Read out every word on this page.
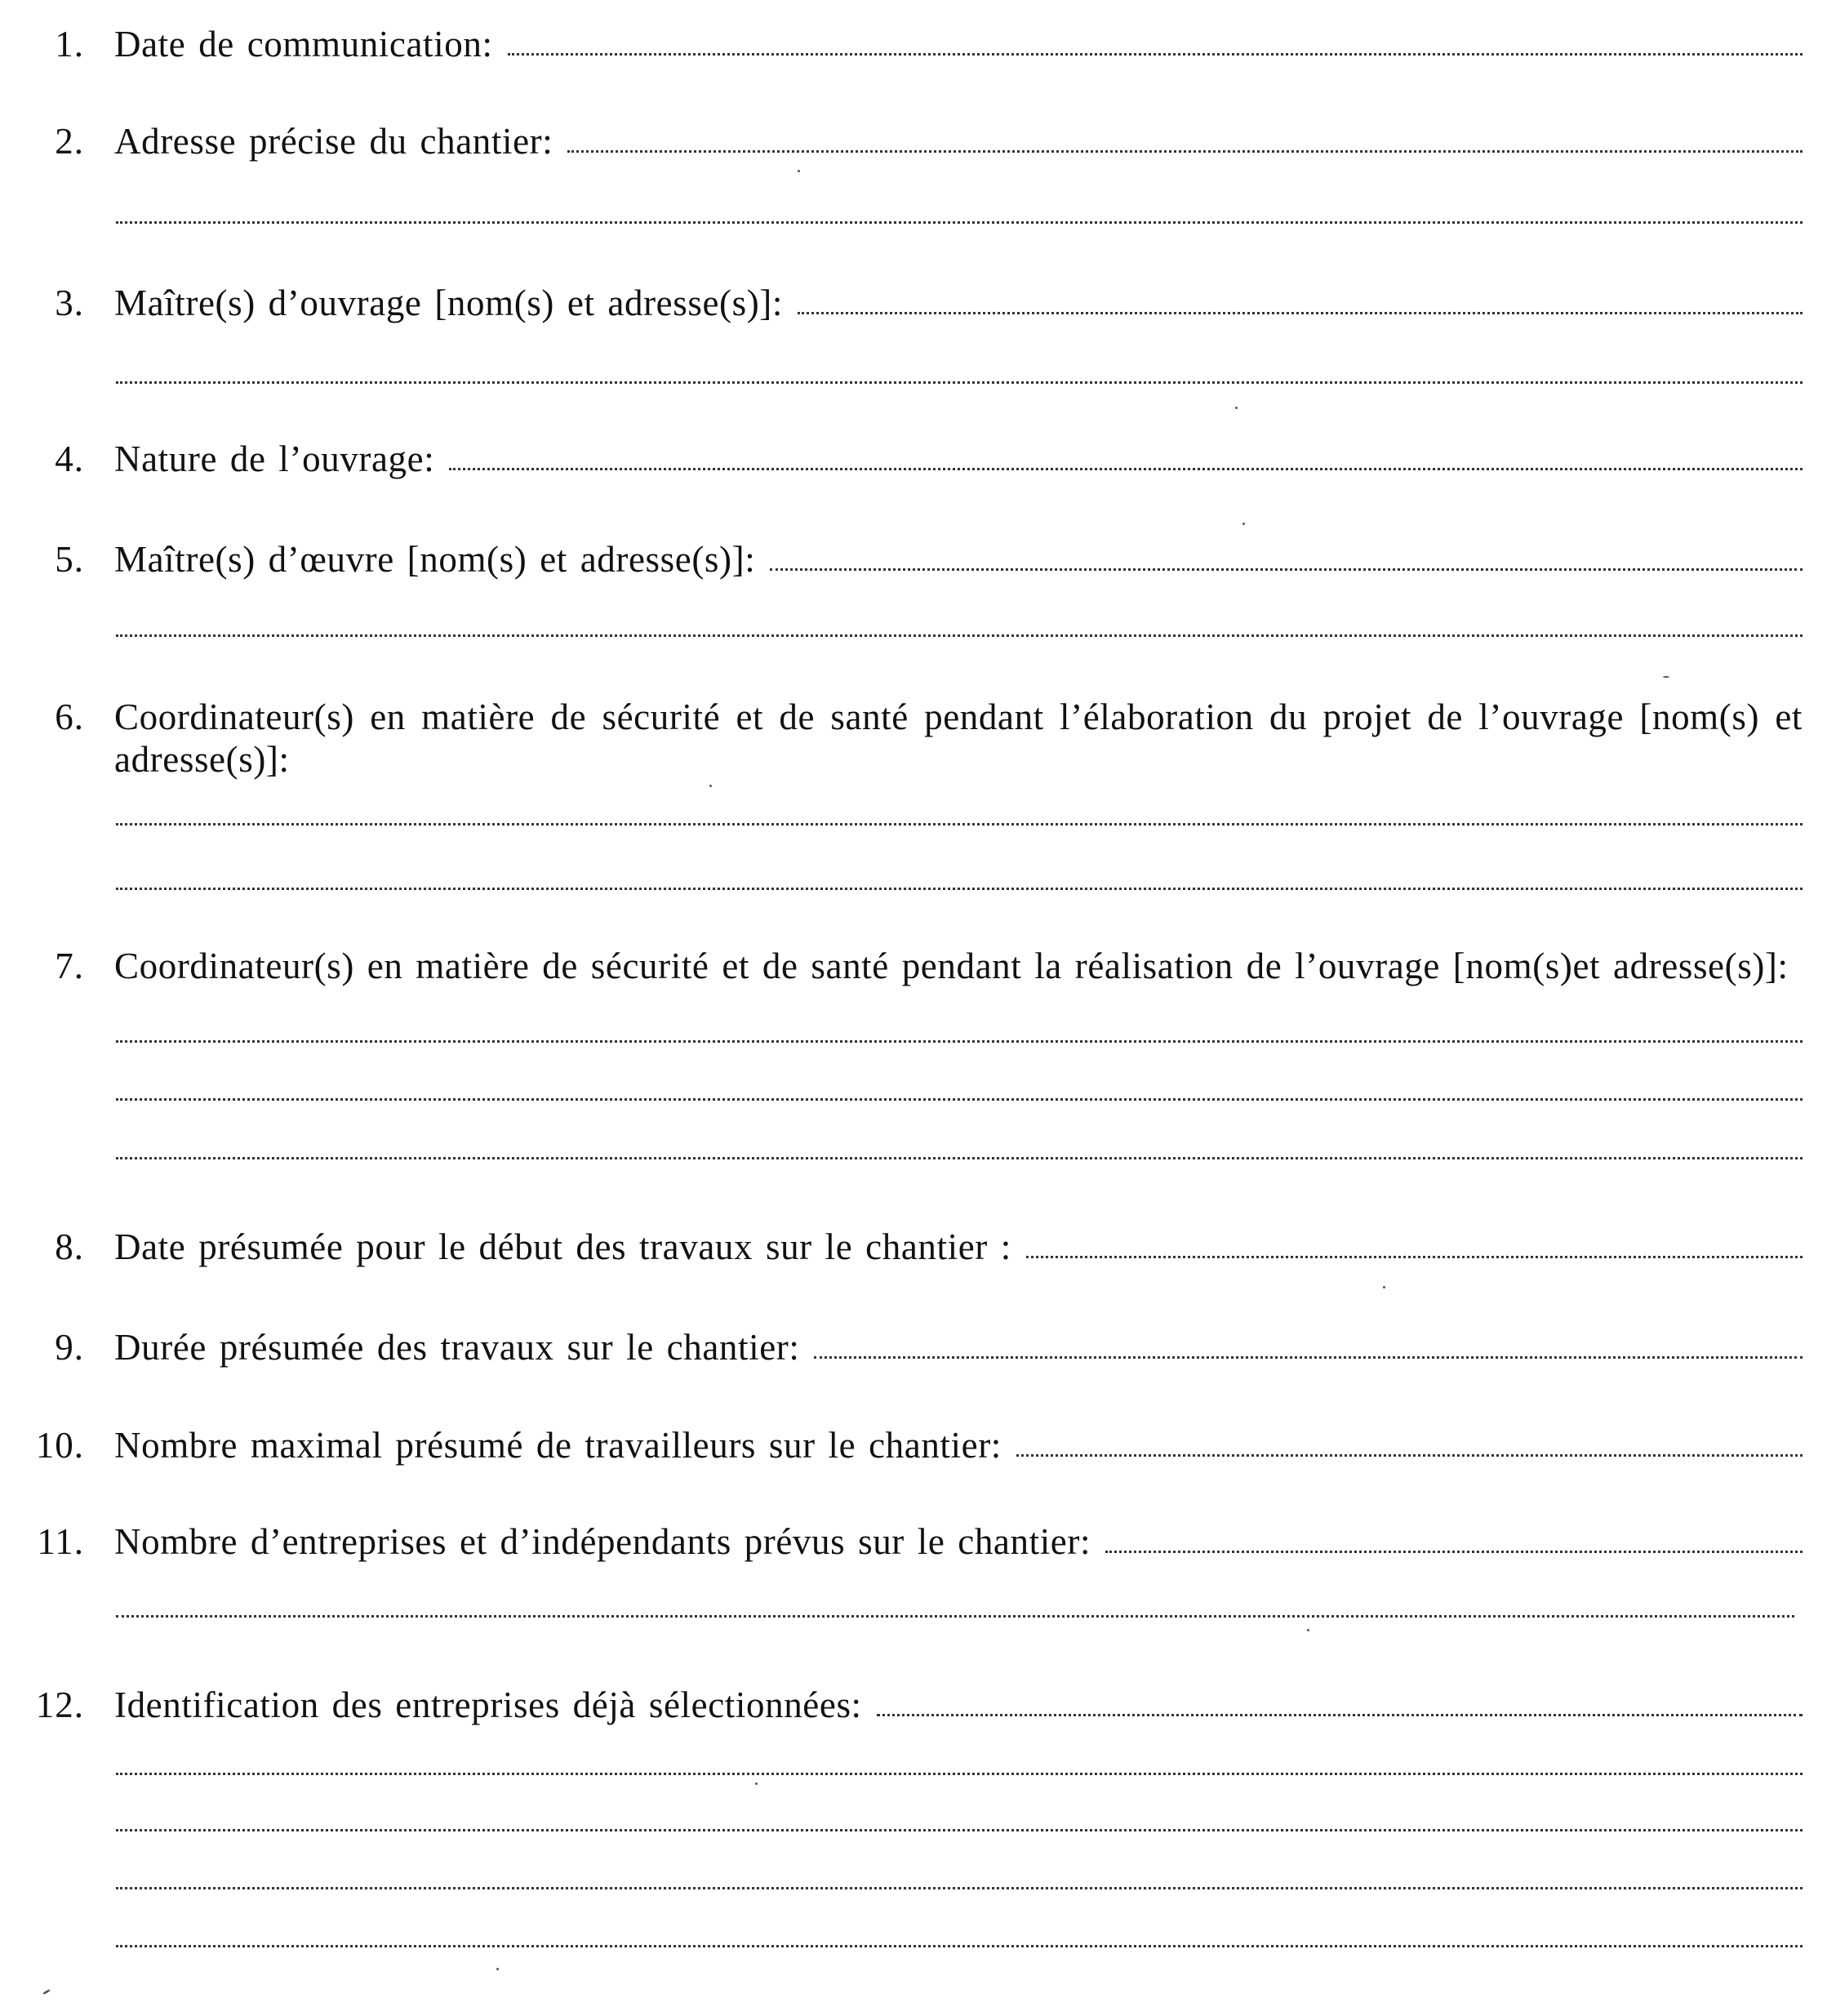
1. Date de communication:
2. Adresse précise du chantier:
3. Maître(s) d’ouvrage [nom(s) et adresse(s)]:
4. Nature de l’ouvrage:
5. Maître(s) d’œuvre [nom(s) et adresse(s)]:
6. Coordinateur(s) en matière de sécurité et de santé pendant l’élaboration du projet de l’ouvrage [nom(s) et adresse(s)]:
7. Coordinateur(s) en matière de sécurité et de santé pendant la réalisation de l’ouvrage [nom(s)et adresse(s)]:
8. Date présumée pour le début des travaux sur le chantier :
9. Durée présumée des travaux sur le chantier:
10. Nombre maximal présumé de travailleurs sur le chantier:
11. Nombre d’entreprises et d’indépendants prévus sur le chantier:
12. Identification des entreprises déjà sélectionnées:
